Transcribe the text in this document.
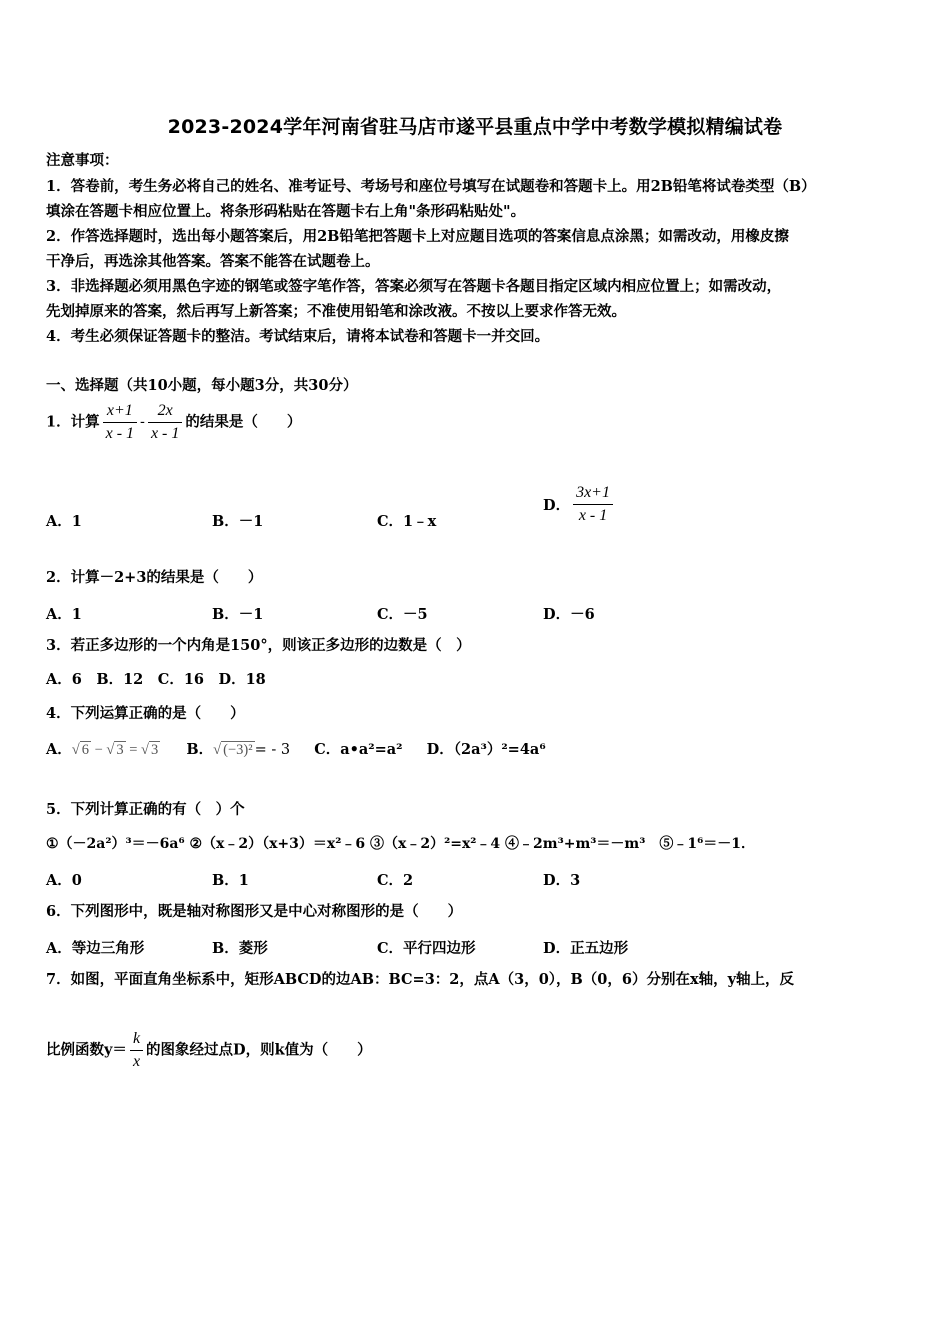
2023-2024学年河南省驻马店市遂平县重点中学中考数学模拟精编试卷
注意事项：
1．答卷前，考生务必将自己的姓名、准考证号、考场号和座位号填写在试题卷和答题卡上。用2B铅笔将试卷类型（B）
填涂在答题卡相应位置上。将条形码粘贴在答题卡右上角"条形码粘贴处"。
2．作答选择题时，选出每小题答案后，用2B铅笔把答题卡上对应题目选项的答案信息点涂黑；如需改动，用橡皮擦
干净后，再选涂其他答案。答案不能答在试题卷上。
3．非选择题必须用黑色字迹的钢笔或签字笔作答，答案必须写在答题卡各题目指定区域内相应位置上；如需改动，
先划掉原来的答案，然后再写上新答案；不准使用铅笔和涂改液。不按以上要求作答无效。
4．考生必须保证答题卡的整洁。考试结束后，请将本试卷和答题卡一并交回。
一、选择题（共10小题，每小题3分，共30分）
1．计算 $\frac{x+1}{x - 1} - \frac{2x}{x - 1}$ 的结果是（　　）
A．1	B．－1	C．1﹣x
D． $\frac{3x+1}{x - 1}$
2．计算－2+3的结果是（　　）
A．1	B．－1	C．－5	D．－6
3．若正多边形的一个内角是150°，则该正多边形的边数是（　）
A．6　B．12　C．16　D．18
4．下列运算正确的是（　　）
A．√ 6 − √ 3 = √ 3 B．√ (−3)² = - 3 C．a•a²=a² D．（2a³）²=4a⁶
5．下列计算正确的有（　）个
①（－2a²）³＝－6a⁶ ②（x﹣2）（x+3）＝x²﹣6 ③（x﹣2）²=x²﹣4 ④﹣2m³+m³＝－m³　⑤﹣1⁶＝－1．
A．0	B．1	C．2	D．3
6．下列图形中，既是轴对称图形又是中心对称图形的是（　　）
A．等边三角形	B．菱形	C．平行四边形	D．正五边形
7．如图，平面直角坐标系中，矩形ABCD的边AB：BC=3：2，点A（3，0），B（0，6）分别在x轴，y轴上，反
比例函数$y= \frac{k}{x}$ 的图象经过点D，则k值为（　　）
